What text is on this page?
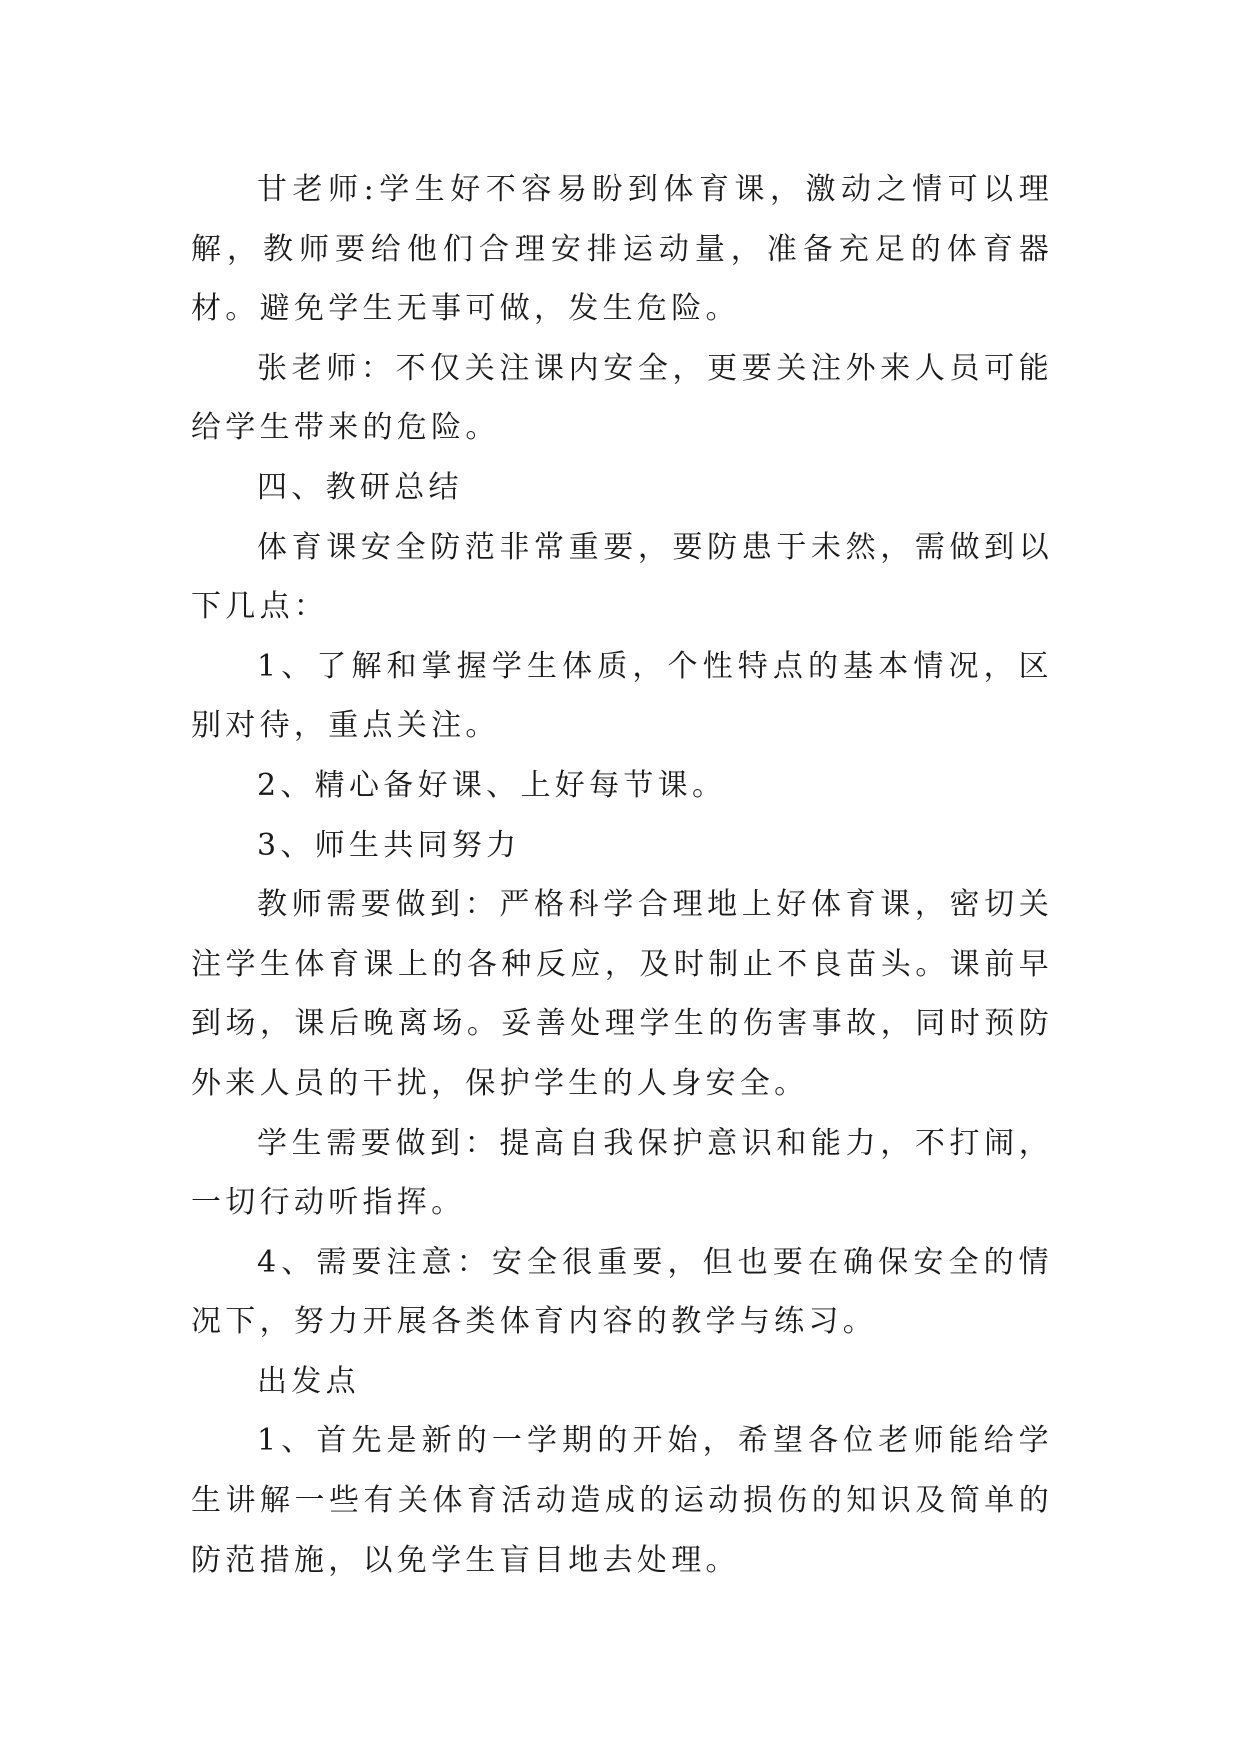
甘老师:学生好不容易盼到体育课，激动之情可以理解，教师要给他们合理安排运动量，准备充足的体育器材。避免学生无事可做，发生危险。

张老师：不仅关注课内安全，更要关注外来人员可能给学生带来的危险。

四、教研总结

体育课安全防范非常重要，要防患于未然，需做到以下几点：

1、了解和掌握学生体质，个性特点的基本情况，区别对待，重点关注。

2、精心备好课、上好每节课。

3、师生共同努力

教师需要做到：严格科学合理地上好体育课，密切关注学生体育课上的各种反应，及时制止不良苗头。课前早到场，课后晚离场。妥善处理学生的伤害事故，同时预防外来人员的干扰，保护学生的人身安全。

学生需要做到：提高自我保护意识和能力，不打闹，一切行动听指挥。

4、需要注意：安全很重要，但也要在确保安全的情况下，努力开展各类体育内容的教学与练习。

出发点

1、首先是新的一学期的开始，希望各位老师能给学生讲解一些有关体育活动造成的运动损伤的知识及简单的防范措施，以免学生盲目地去处理。
